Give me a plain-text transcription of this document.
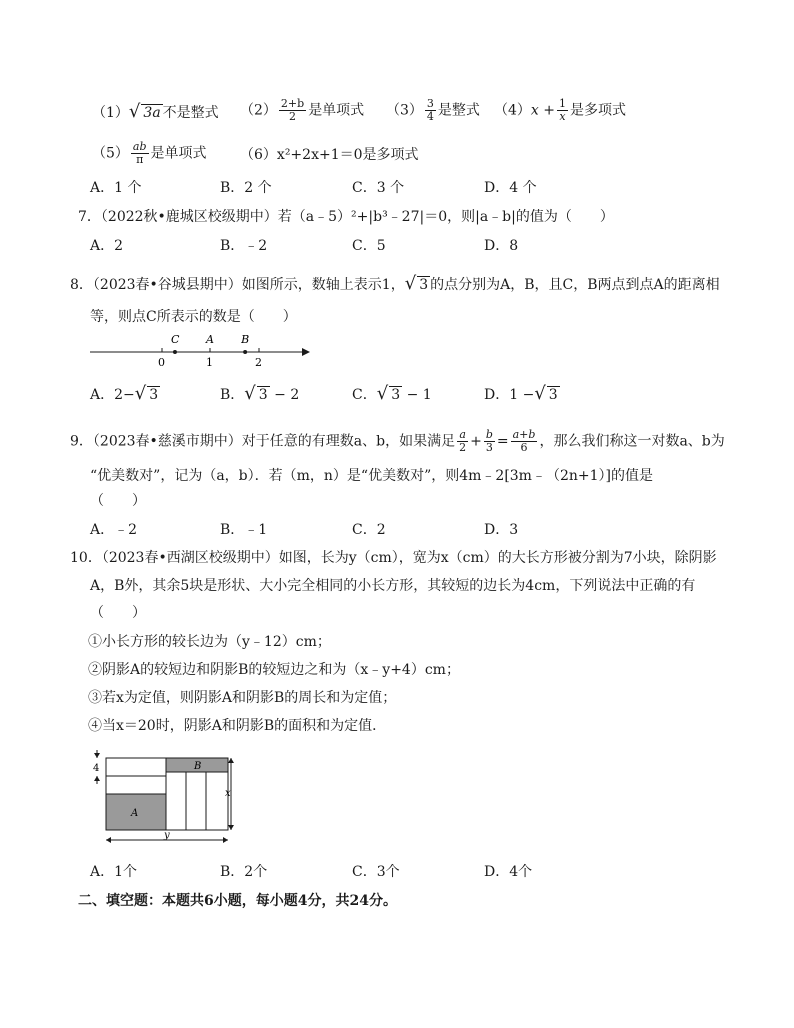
（1）√ 3a 不是整式 $(2) \frac{2+b}{2}$ 是单项式 $(3) \frac{3}{4}$ 是整式 $(4)x + \frac{1}{x}$ 是多项式
$(5) \frac{ab}{\pi}$ 是单项式 （6）x²+2x+1＝0是多项式
A．1 个	B．2 个	C．3 个	D．4 个
7．（2022秋•鹿城区校级期中）若（a﹣5）²+|b³﹣27|＝0，则|a﹣b|的值为（　　）
A．2	B．﹣2	C．5	D．8
8．（2023春•谷城县期中）如图所示，数轴上表示1，√ 3 的点分别为A，B，且C，B两点到点A的距离相
等，则点C所表示的数是（　　）
0	1	2
C A B
A．2−√ 3	B．√ 3 − 2	C．√ 3 − 1	D．1 −√ 3
9．（2023春•慈溪市期中）对于任意的有理数a、b，如果满足 $\frac{a}{2} + \frac{b}{3} = \frac{a+b}{6}$ ，那么我们称这一对数a、b为
“优美数对”，记为（a，b）．若（m，n）是“优美数对”，则4m﹣2[3m﹣（2n+1）]的值是
（　　）
A．﹣2	B．﹣1	C．2	D．3
10．（2023春•西湖区校级期中）如图，长为y（cm），宽为x（cm）的大长方形被分割为7小块，除阴影
A，B外，其余5块是形状、大小完全相同的小长方形，其较短的边长为4cm，下列说法中正确的有
（　　）
①小长方形的较长边为（y﹣12）cm；
②阴影A的较短边和阴影B的较短边之和为（x﹣y+4）cm；
③若x为定值，则阴影A和阴影B的周长和为定值；
④当x＝20时，阴影A和阴影B的面积和为定值．
A
B
4
x
y
A．1个	B．2个	C．3个	D．4个
二、填空题：本题共6小题，每小题4分，共24分。
